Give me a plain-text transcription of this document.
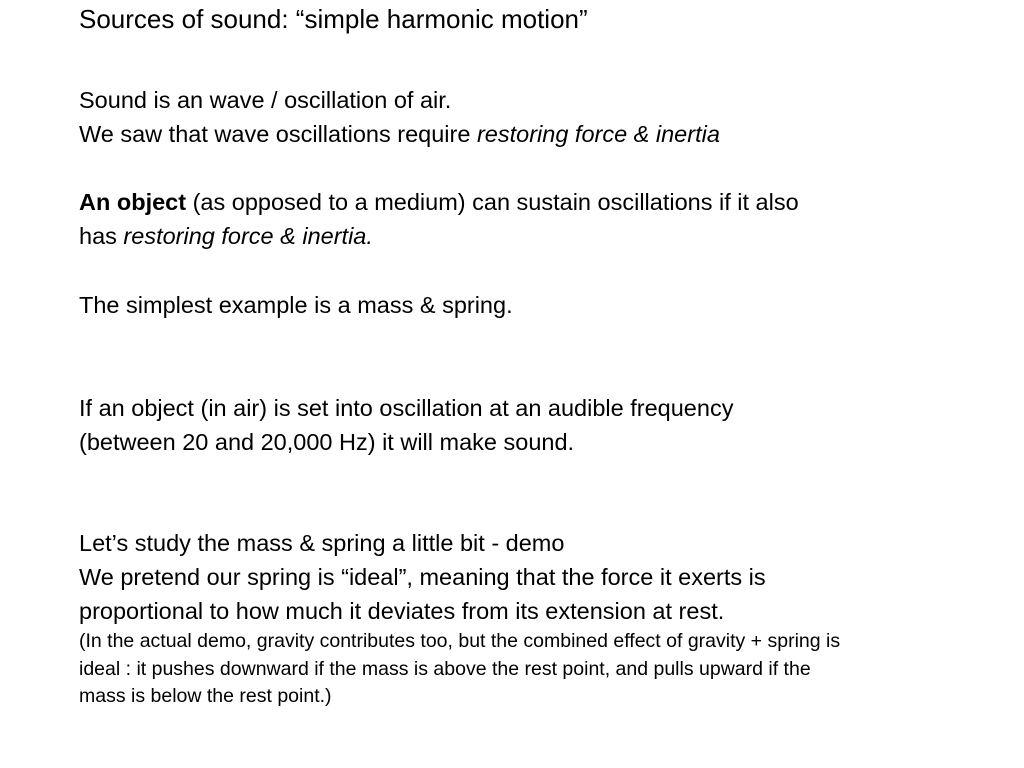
Sources of sound: “simple harmonic motion”
Sound is an wave / oscillation of air.
We saw that wave oscillations require restoring force & inertia
An object (as opposed to a medium) can sustain oscillations if it also
has restoring force & inertia.
The simplest example is a mass & spring.
If an object (in air) is set into oscillation at an audible frequency
(between 20 and 20,000 Hz) it will make sound.
Let’s study the mass & spring a little bit - demo
We pretend our spring is “ideal”, meaning that the force it exerts is
proportional to how much it deviates from its extension at rest.
(In the actual demo, gravity contributes too, but the combined effect of gravity + spring is
ideal : it pushes downward if the mass is above the rest point, and pulls upward if the
mass is below the rest point.)
